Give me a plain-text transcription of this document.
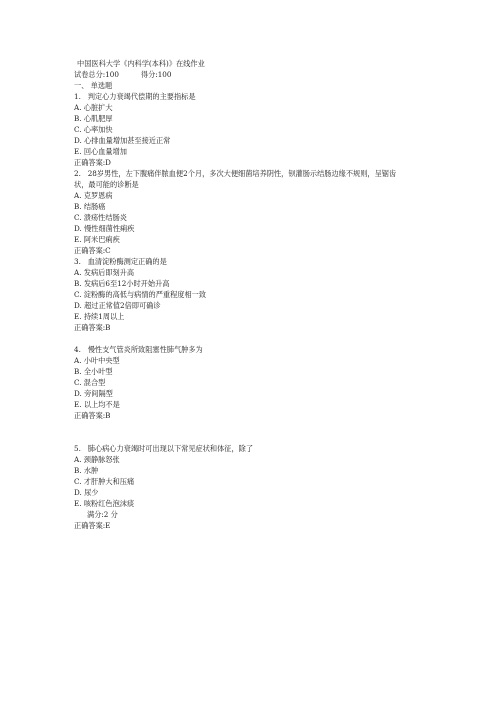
中国医科大学《内科学(本科)》在线作业
试卷总分:100	得分:100
一、 单选题
1. 判定心力衰竭代偿期的主要指标是
A. 心脏扩大
B. 心肌肥厚
C. 心率加快
D. 心排血量增加甚至接近正常
E. 回心血量增加
正确答案:D
2. 28岁男性，左下腹痛伴脓血便2个月，多次大便细菌培养阴性，钡灌肠示结肠边缘不规则，呈锯齿状，最可能的诊断是
A. 克罗恩病
B. 结肠癌
C. 溃疡性结肠炎
D. 慢性细菌性痢疾
E. 阿米巴痢疾
正确答案:C
3. 血清淀粉酶测定正确的是
A. 发病后即刻升高
B. 发病后6至12小时开始升高
C. 淀粉酶的高低与病情的严重程度相一致
D. 超过正常值2倍即可确诊
E. 持续1周以上
正确答案:B
4. 慢性支气管炎所致阻塞性肺气肿多为
A. 小叶中央型
B. 全小叶型
C. 混合型
D. 旁间隔型
E. 以上均不是
正确答案:B
5. 肺心病心力衰竭时可出现以下常见症状和体征，除了
A. 颈静脉怒张
B. 水肿
C. 才肝肿大和压痛
D. 尿少
E. 咳粉红色泡沫痰
满分:2 分
正确答案:E
